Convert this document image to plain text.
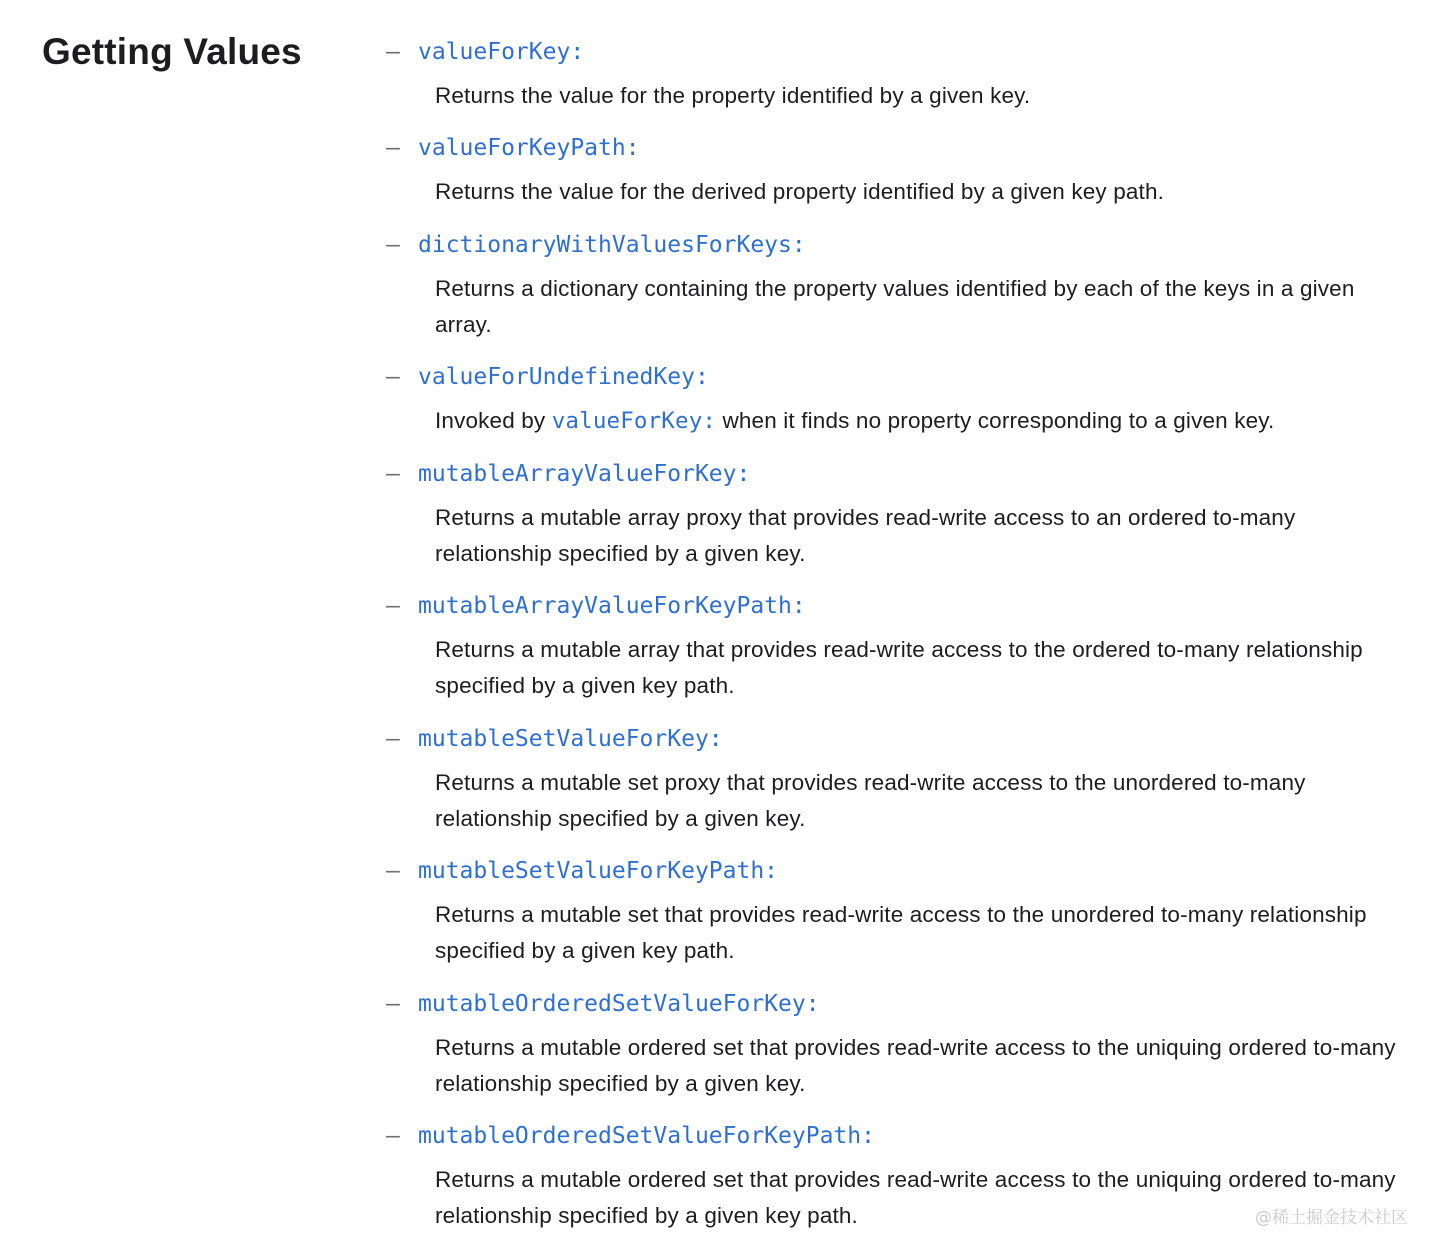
Getting Values	– valueForKey:
Returns the value for the property identified by a given key.
– valueForKeyPath:
Returns the value for the derived property identified by a given key path.
– dictionaryWithValuesForKeys:
Returns a dictionary containing the property values identified by each of the keys in a given array.
– valueForUndefinedKey:
Invoked by valueForKey: when it finds no property corresponding to a given key.
– mutableArrayValueForKey:
Returns a mutable array proxy that provides read-write access to an ordered to-many relationship specified by a given key.
– mutableArrayValueForKeyPath:
Returns a mutable array that provides read-write access to the ordered to-many relationship specified by a given key path.
– mutableSetValueForKey:
Returns a mutable set proxy that provides read-write access to the unordered to-many relationship specified by a given key.
– mutableSetValueForKeyPath:
Returns a mutable set that provides read-write access to the unordered to-many relationship specified by a given key path.
– mutableOrderedSetValueForKey:
Returns a mutable ordered set that provides read-write access to the uniquing ordered to-many relationship specified by a given key.
– mutableOrderedSetValueForKeyPath:
Returns a mutable ordered set that provides read-write access to the uniquing ordered to-many relationship specified by a given key path.	@稀土掘金技术社区
